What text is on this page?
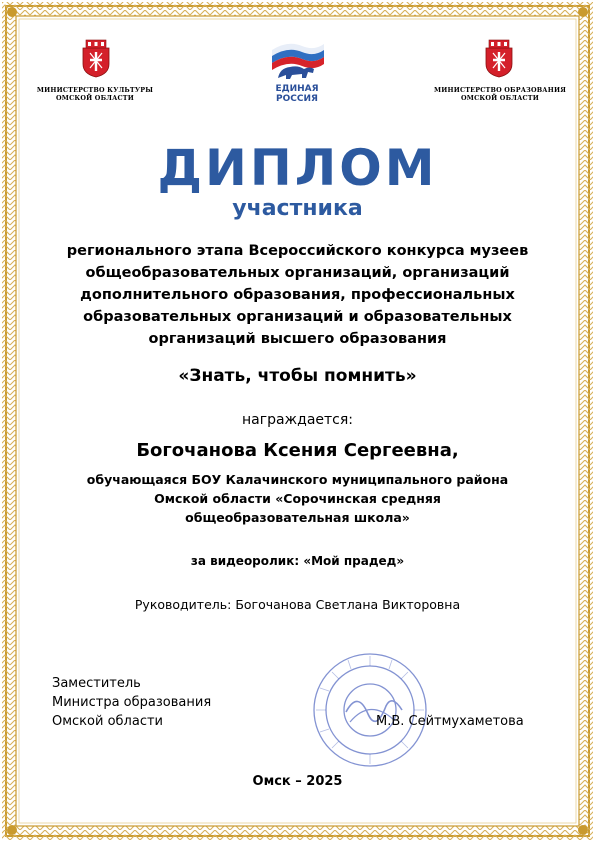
МИНИСТЕРСТВО КУЛЬТУРЫ
ОМСКОЙ ОБЛАСТИ
МИНИСТЕРСТВО ОБРАЗОВАНИЯ
ОМСКОЙ ОБЛАСТИ
ЕДИНАЯ
РОССИЯ
ДИПЛОМ
участника
регионального этапа Всероссийского конкурса музеев
общеобразовательных организаций, организаций
дополнительного образования, профессиональных
образовательных организаций и образовательных
организаций высшего образования
«Знать, чтобы помнить»
награждается:
Богочанова Ксения Сергеевна,
обучающаяся БОУ Калачинского муниципального района
Омской области «Сорочинская средняя
общеобразовательная школа»
за видеоролик: «Мой прадед»
Руководитель: Богочанова Светлана Викторовна
Заместитель
Министра образования
Омской области	М.В. Сейтмухаметова
Омск – 2025
